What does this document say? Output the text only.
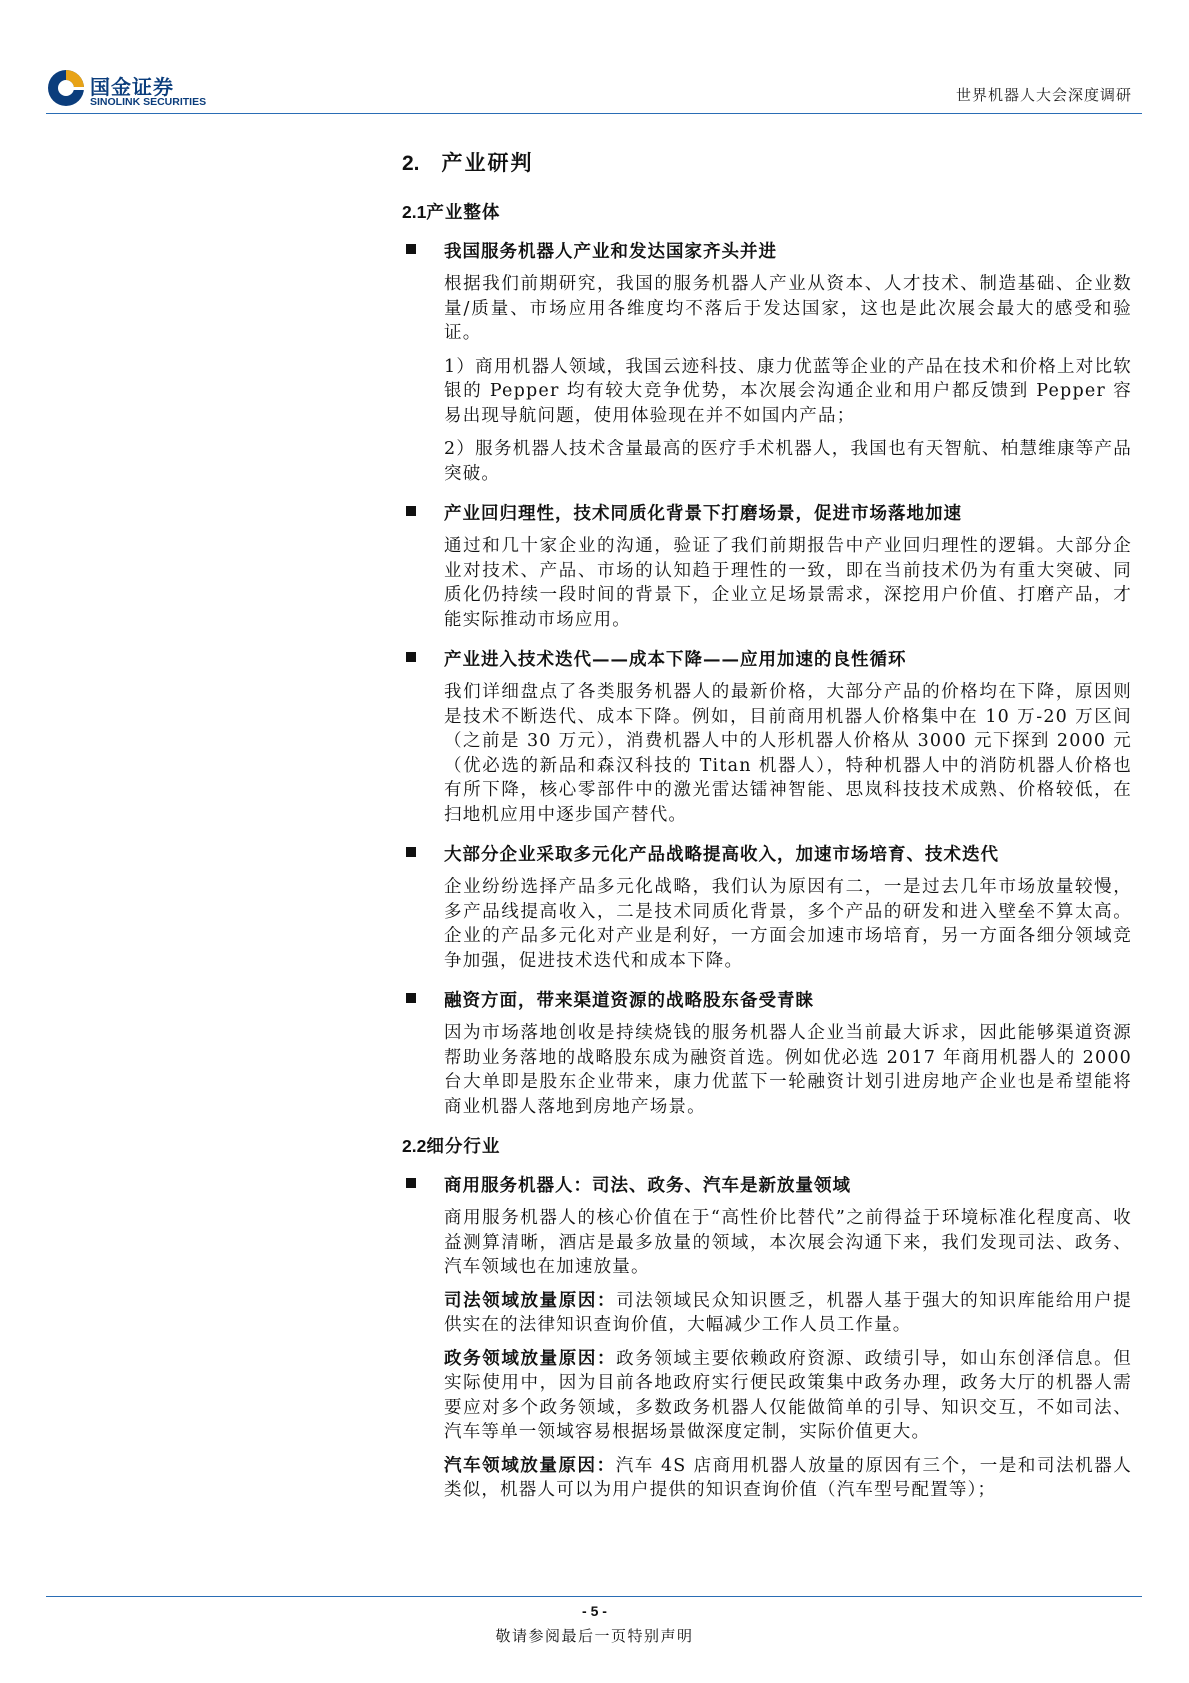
国金证券
SINOLINK SECURITIES	世界机器人大会深度调研
2. 产业研判
2.1产业整体
我国服务机器人产业和发达国家齐头并进
根据我们前期研究，我国的服务机器人产业从资本、人才技术、制造基础、企业数量/质量、市场应用各维度均不落后于发达国家，这也是此次展会最大的感受和验证。
1）商用机器人领域，我国云迹科技、康力优蓝等企业的产品在技术和价格上对比软银的 Pepper 均有较大竞争优势，本次展会沟通企业和用户都反馈到 Pepper 容易出现导航问题，使用体验现在并不如国内产品；
2）服务机器人技术含量最高的医疗手术机器人，我国也有天智航、柏慧维康等产品突破。
产业回归理性，技术同质化背景下打磨场景，促进市场落地加速
通过和几十家企业的沟通，验证了我们前期报告中产业回归理性的逻辑。大部分企业对技术、产品、市场的认知趋于理性的一致，即在当前技术仍为有重大突破、同质化仍持续一段时间的背景下，企业立足场景需求，深挖用户价值、打磨产品，才能实际推动市场应用。
产业进入技术迭代——成本下降——应用加速的良性循环
我们详细盘点了各类服务机器人的最新价格，大部分产品的价格均在下降，原因则是技术不断迭代、成本下降。例如，目前商用机器人价格集中在 10 万-20 万区间（之前是 30 万元），消费机器人中的人形机器人价格从 3000 元下探到 2000 元（优必选的新品和森汉科技的 Titan 机器人），特种机器人中的消防机器人价格也有所下降，核心零部件中的激光雷达镭神智能、思岚科技技术成熟、价格较低，在扫地机应用中逐步国产替代。
大部分企业采取多元化产品战略提高收入，加速市场培育、技术迭代
企业纷纷选择产品多元化战略，我们认为原因有二，一是过去几年市场放量较慢，多产品线提高收入，二是技术同质化背景，多个产品的研发和进入壁垒不算太高。企业的产品多元化对产业是利好，一方面会加速市场培育，另一方面各细分领域竞争加强，促进技术迭代和成本下降。
融资方面，带来渠道资源的战略股东备受青睐
因为市场落地创收是持续烧钱的服务机器人企业当前最大诉求，因此能够渠道资源帮助业务落地的战略股东成为融资首选。例如优必选 2017 年商用机器人的 2000 台大单即是股东企业带来，康力优蓝下一轮融资计划引进房地产企业也是希望能将商业机器人落地到房地产场景。
2.2细分行业
商用服务机器人：司法、政务、汽车是新放量领域
商用服务机器人的核心价值在于“高性价比替代”之前得益于环境标准化程度高、收益测算清晰，酒店是最多放量的领域，本次展会沟通下来，我们发现司法、政务、汽车领域也在加速放量。
司法领域放量原因：司法领域民众知识匮乏，机器人基于强大的知识库能给用户提供实在的法律知识查询价值，大幅减少工作人员工作量。
政务领域放量原因：政务领域主要依赖政府资源、政绩引导，如山东创泽信息。但实际使用中，因为目前各地政府实行便民政策集中政务办理，政务大厅的机器人需要应对多个政务领域，多数政务机器人仅能做简单的引导、知识交互，不如司法、汽车等单一领域容易根据场景做深度定制，实际价值更大。
汽车领域放量原因：汽车 4S 店商用机器人放量的原因有三个，一是和司法机器人类似，机器人可以为用户提供的知识查询价值（汽车型号配置等）；
- 5 -
敬请参阅最后一页特别声明
